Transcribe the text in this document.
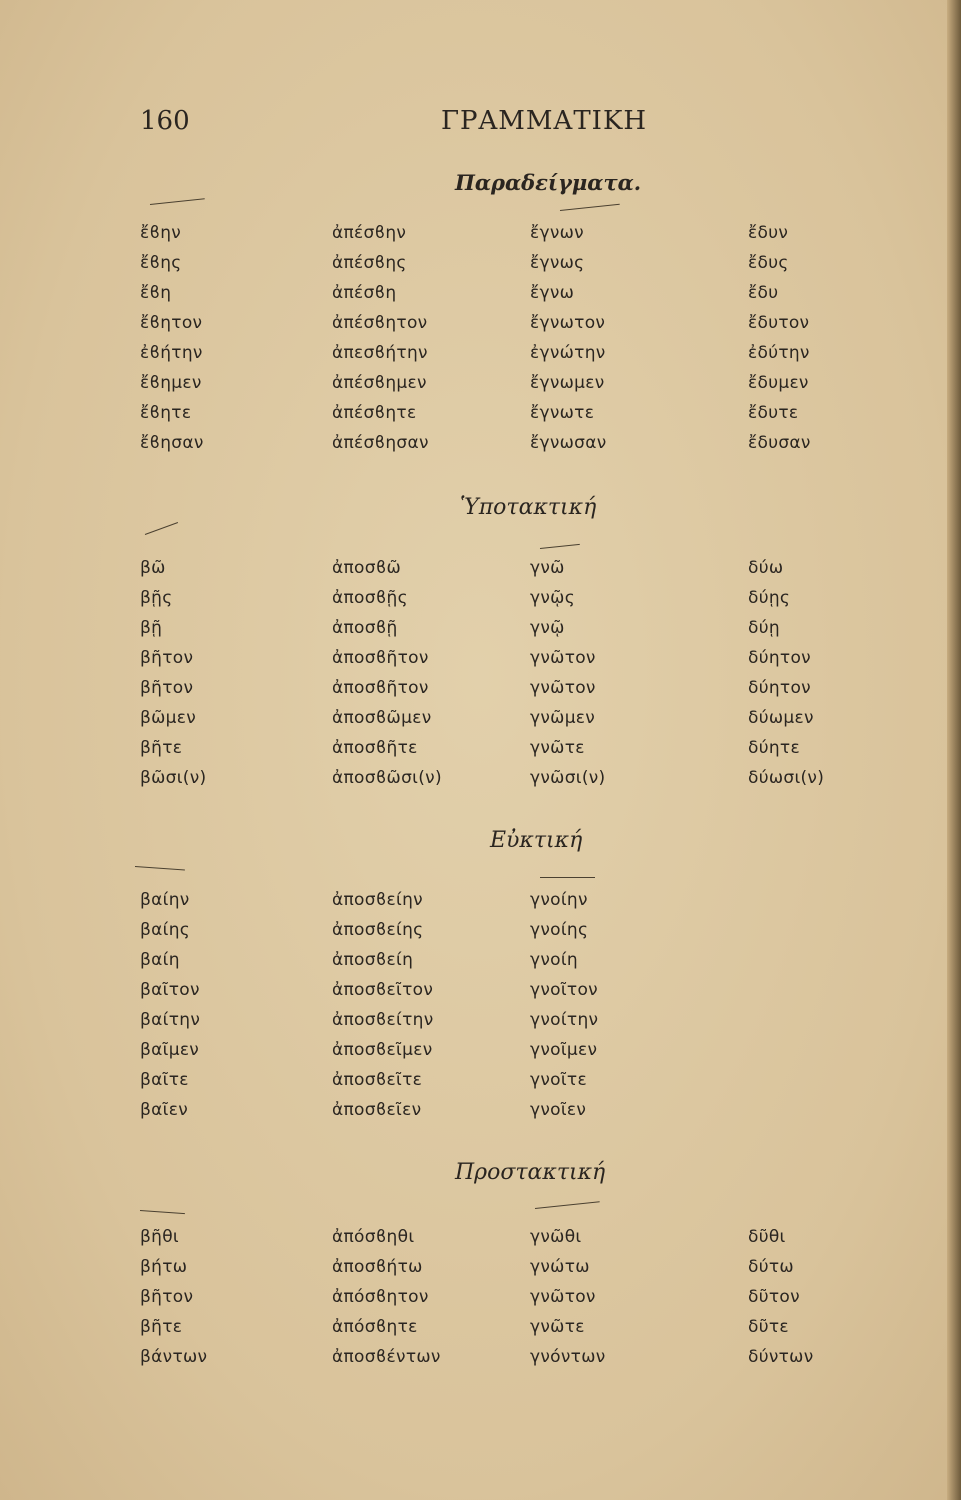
160	ΓΡΑΜΜΑΤΙΚΗ
Παραδείγματα.
ἔϐην
ἔϐης
ἔϐη
ἔϐητον
ἐϐήτην
ἔϐημεν
ἔϐητε
ἔϐησαν
ἀπέσϐην
ἀπέσϐης
ἀπέσϐη
ἀπέσϐητον
ἀπεσϐήτην
ἀπέσϐημεν
ἀπέσϐητε
ἀπέσϐησαν
ἔγνων
ἔγνως
ἔγνω
ἔγνωτον
ἐγνώτην
ἔγνωμεν
ἔγνωτε
ἔγνωσαν
ἔδυν
ἔδυς
ἔδυ
ἔδυτον
ἐδύτην
ἔδυμεν
ἔδυτε
ἔδυσαν
Ὑποτακτική
βῶ
βῇς
βῇ
βῆτον
βῆτον
βῶμεν
βῆτε
βῶσι(ν)
ἀποσϐῶ
ἀποσϐῇς
ἀποσϐῇ
ἀποσϐῆτον
ἀποσϐῆτον
ἀποσϐῶμεν
ἀποσϐῆτε
ἀποσϐῶσι(ν)
γνῶ
γνῷς
γνῷ
γνῶτον
γνῶτον
γνῶμεν
γνῶτε
γνῶσι(ν)
δύω
δύῃς
δύῃ
δύητον
δύητον
δύωμεν
δύητε
δύωσι(ν)
Εὐκτική
βαίην
βαίης
βαίη
βαῖτον
βαίτην
βαῖμεν
βαῖτε
βαῖεν
ἀποσϐείην
ἀποσϐείης
ἀποσϐείη
ἀποσϐεῖτον
ἀποσϐείτην
ἀποσϐεῖμεν
ἀποσϐεῖτε
ἀποσϐεῖεν
γνοίην
γνοίης
γνοίη
γνοῖτον
γνοίτην
γνοῖμεν
γνοῖτε
γνοῖεν
Προστακτική
βῆθι
βήτω
βῆτον
βῆτε
βάντων
ἀπόσϐηθι
ἀποσϐήτω
ἀπόσϐητον
ἀπόσϐητε
ἀποσϐέντων
γνῶθι
γνώτω
γνῶτον
γνῶτε
γνόντων
δῦθι
δύτω
δῦτον
δῦτε
δύντων
